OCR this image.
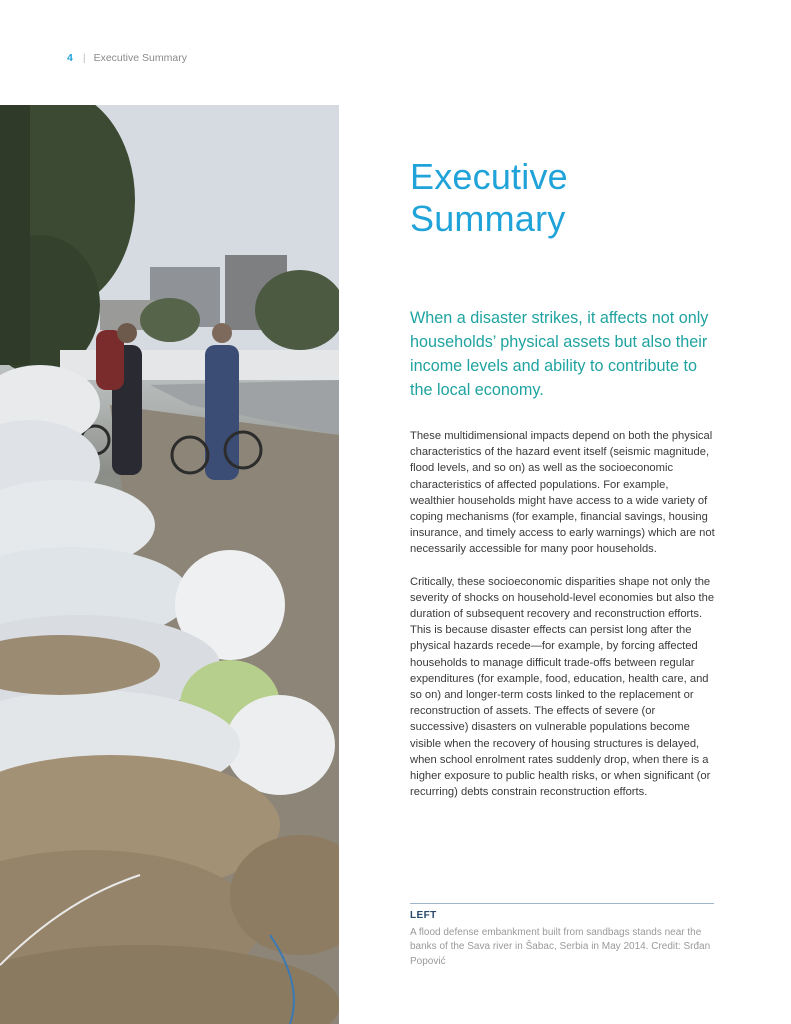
4 | Executive Summary
Executive
Summary

When a disaster strikes, it affects not only households’ physical assets but also their income levels and ability to contribute to the local economy.

These multidimensional impacts depend on both the physical characteristics of the hazard event itself (seismic magnitude, flood levels, and so on) as well as the socioeconomic characteristics of affected populations. For example, wealthier households might have access to a wide variety of coping mechanisms (for example, financial savings, housing insurance, and timely access to early warnings) which are not necessarily accessible for many poor households.

Critically, these socioeconomic disparities shape not only the severity of shocks on household-level economies but also the duration of subsequent recovery and reconstruction efforts. This is because disaster effects can persist long after the physical hazards recede—for example, by forcing affected households to manage difficult trade-offs between regular expenditures (for example, food, education, health care, and so on) and longer-term costs linked to the replacement or reconstruction of assets. The effects of severe (or successive) disasters on vulnerable populations become visible when the recovery of housing structures is delayed, when school enrolment rates suddenly drop, when there is a higher exposure to public health risks, or when significant (or recurring) debts constrain reconstruction efforts.

LEFT
A flood defense embankment built from sandbags stands near the banks of the Sava river in Šabac, Serbia in May 2014. Credit: Srđan Popović
